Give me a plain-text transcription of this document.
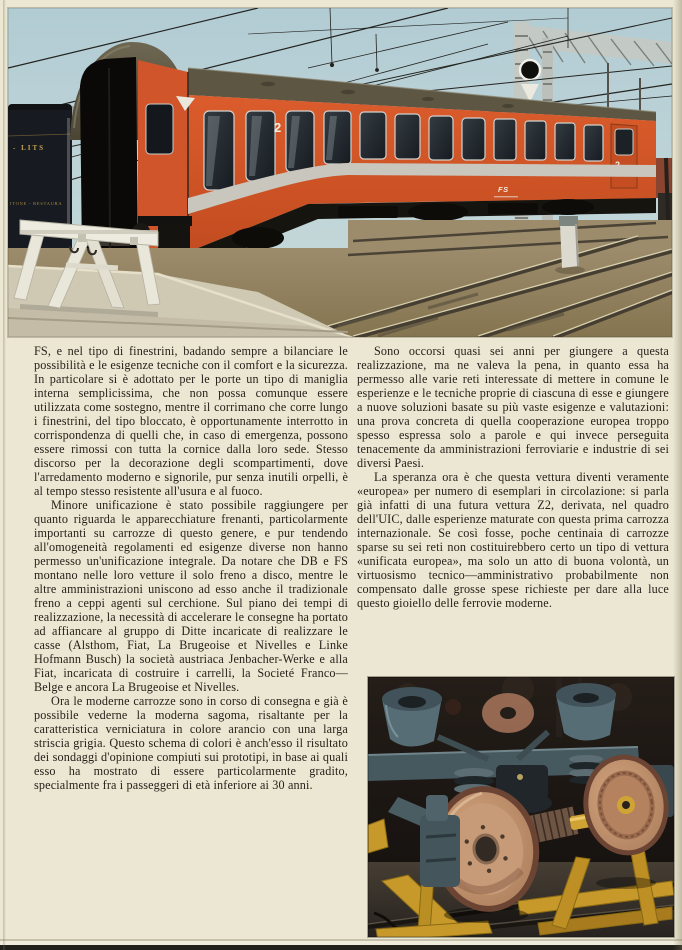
- LITS
ITONE - RESTAURA
2
FS

FS, e nel tipo di finestrini, badando sempre a bilanciare le possibilità e le esigenze tecniche con il comfort e la sicurezza. In particolare si è adottato per le porte un tipo di maniglia interna semplicissima, che non possa comunque essere utilizzata come sostegno, mentre il corrimano che corre lungo i finestrini, del tipo bloccato, è opportunamente interrotto in corrispondenza di quelli che, in caso di emergenza, possono essere rimossi con tutta la cornice dalla loro sede. Stesso discorso per la decorazione degli scompartimenti, dove l'arredamento moderno e signorile, pur senza inutili orpelli, è al tempo stesso resistente all'usura e al fuoco.

Minore unificazione è stato possibile raggiungere per quanto riguarda le apparecchiature frenanti, particolarmente importanti su carrozze di questo genere, e pur tendendo all'omogeneità regolamenti ed esigenze diverse non hanno permesso un'unificazione integrale. Da notare che DB e FS montano nelle loro vetture il solo freno a disco, mentre le altre amministrazioni uniscono ad esso anche il tradizionale freno a ceppi agenti sul cerchione. Sul piano dei tempi di realizzazione, la necessità di accelerare le consegne ha portato ad affiancare al gruppo di Ditte incaricate di realizzare le casse (Alsthom, Fiat, La Brugeoise et Nivelles e Linke Hofmann Busch) la società austriaca Jenbacher-Werke e alla Fiat, incaricata di costruire i carrelli, la Societé Franco—Belge e ancora La Brugeoise et Nivelles.

Ora le moderne carrozze sono in corso di consegna e già è possibile vederne la moderna sagoma, risaltante per la caratteristica verniciatura in colore arancio con una larga striscia grigia. Questo schema di colori è anch'esso il risultato dei sondaggi d'opinione compiuti sui prototipi, in base ai quali esso ha mostrato di essere particolarmente gradito, specialmente fra i passeggeri di età inferiore ai 30 anni.

Sono occorsi quasi sei anni per giungere a questa realizzazione, ma ne valeva la pena, in quanto essa ha permesso alle varie reti interessate di mettere in comune le esperienze e le tecniche proprie di ciascuna di esse e giungere a nuove soluzioni basate su più vaste esigenze e valutazioni: una prova concreta di quella cooperazione europea troppo spesso espressa solo a parole e qui invece perseguita tenacemente da amministrazioni ferroviarie e industrie di sei diversi Paesi.

La speranza ora è che questa vettura diventi veramente «europea» per numero di esemplari in circolazione: si parla già infatti di una futura vettura Z2, derivata, nel quadro dell'UIC, dalle esperienze maturate con questa prima carrozza internazionale. Se così fosse, poche centinaia di carrozze sparse su sei reti non costituirebbero certo un tipo di vettura «unificata europea», ma solo un atto di buona volontà, un virtuosismo tecnico—amministrativo probabilmente non compensato dalle grosse spese richieste per dare alla luce questo gioiello delle ferrovie moderne.
